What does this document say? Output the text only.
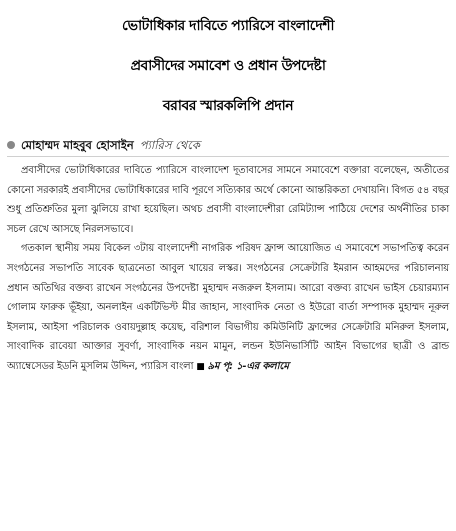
ভোটাধিকার দাবিতে প্যারিসে বাংলাদেশী
প্রবাসীদের সমাবেশ ও প্রধান উপদেষ্টা
বরাবর স্মারকলিপি প্রদান
মোহাম্মদ মাহবুব হোসাইন প্যারিস থেকে

প্রবাসীদের ভোটাধিকারের দাবিতে প্যারিসে বাংলাদেশ দূতাবাসের সামনে সমাবেশে বক্তারা বলেছেন, অতীতের কোনো সরকারই প্রবাসীদের ভোটাধিকারের দাবি পূরণে সত্যিকার অর্থে কোনো আন্তরিকতা দেখায়নি। বিগত ৫৪ বছর শুধু প্রতিশ্রুতির মুলা ঝুলিয়ে রাখা হয়েছিল। অথচ প্রবাসী বাংলাদেশীরা রেমিট্যান্স পাঠিয়ে দেশের অর্থনীতির চাকা সচল রেখে আসছে নিরলসভাবে।

গতকাল স্থানীয় সময় বিকেল ৩টায় বাংলাদেশী নাগরিক পরিষদ ফ্রান্স আয়োজিত এ সমাবেশে সভাপতিত্ব করেন সংগঠনের সভাপতি সাবেক ছাত্রনেতা আবুল খায়ের লস্কর। সংগঠনের সেক্রেটারি ইমরান আহমদের পরিচালনায় প্রধান অতিথির বক্তব্য রাখেন সংগঠনের উপদেষ্টা মুহাম্মদ নজরুল ইসলাম। আরো বক্তব্য রাখেন ভাইস চেয়ারম্যান গোলাম ফারুক ভূঁইয়া, অনলাইন একটিভিস্ট মীর জাহান, সাংবাদিক নেতা ও ইউরো বার্তা সম্পাদক মুহাম্মদ নূরুল ইসলাম, আইসা পরিচালক ওবায়দুল্লাহ কয়েছ, বরিশাল বিভাগীয় কমিউনিটি ফ্রান্সের সেক্রেটারি মনিরুল ইসলাম, সাংবাদিক রাবেয়া আক্তার সুবর্ণা, সাংবাদিক নয়ন মামুন, লন্ডন ইউনিভার্সিটি আইন বিভাগের ছাত্রী ও ব্রান্ড অ্যাম্বেসেডর ইডনি মুসলিম উদ্দিন, প্যারিস বাংলা ■ ৯ম পৃ: ১-এর কলামে
